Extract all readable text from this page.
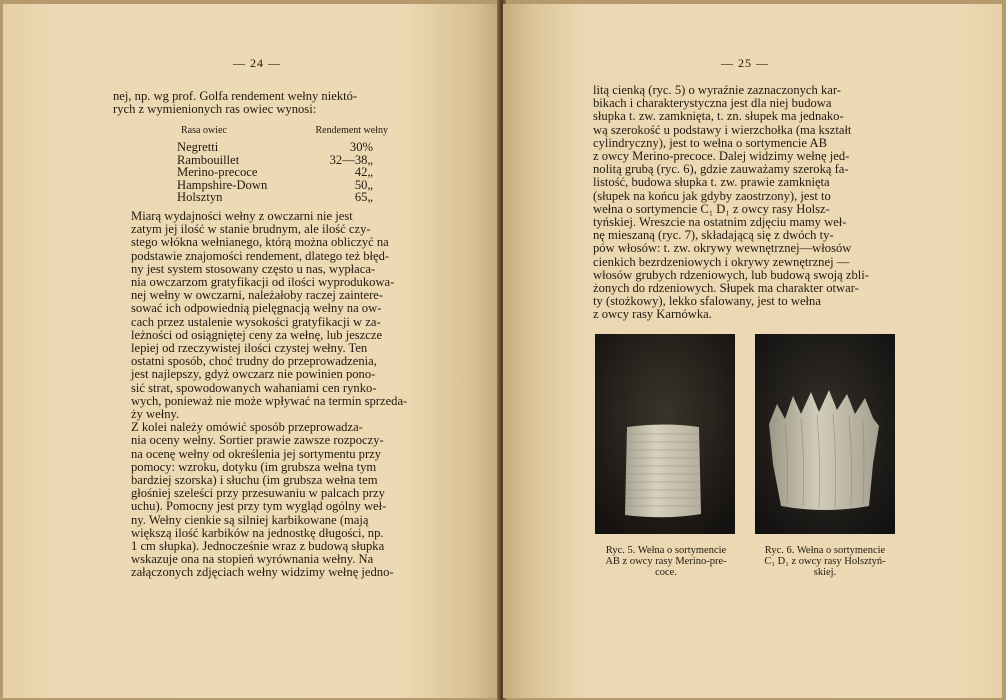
— 24 —

nej, np. wg prof. Golfa rendement wełny niektó-
rych z wymienionych ras owiec wynosi:

Rasa owiec	Rendement wełny
Negretti	30%
Rambouillet	32—38„
Merino-precoce	42„
Hampshire-Down	50„
Holsztyn	65„

Miarą wydajności wełny z owczarni nie jest
zatym jej ilość w stanie brudnym, ale ilość czy-
stego włókna wełnianego, którą można obliczyć na
podstawie znajomości rendement, dlatego też błęd-
ny jest system stosowany często u nas, wypłaca-
nia owczarzom gratyfikacji od ilości wyprodukowa-
nej wełny w owczarni, należałoby raczej zaintere-
sować ich odpowiednią pielęgnacją wełny na ow-
cach przez ustalenie wysokości gratyfikacji w za-
leżności od osiągniętej ceny za wełnę, lub jeszcze
lepiej od rzeczywistej ilości czystej wełny. Ten
ostatni sposób, choć trudny do przeprowadzenia,
jest najlepszy, gdyż owczarz nie powinien pono-
sić strat, spowodowanych wahaniami cen rynko-
wych, ponieważ nie może wpływać na termin sprzeda-
ży wełny.

Z kolei należy omówić sposób przeprowadza-
nia oceny wełny. Sortier prawie zawsze rozpoczy-
na ocenę wełny od określenia jej sortymentu przy
pomocy: wzroku, dotyku (im grubsza wełna tym
bardziej szorska) i słuchu (im grubsza wełna tem
głośniej szeleści przy przesuwaniu w palcach przy
uchu). Pomocny jest przy tym wygląd ogólny weł-
ny. Wełny cienkie są silniej karbikowane (mają
większą ilość karbików na jednostkę długości, np.
1 cm słupka). Jednocześnie wraz z budową słupka
wskazuje ona na stopień wyrównania wełny. Na
załączonych zdjęciach wełny widzimy wełnę jedno-

— 25 —

litą cienką (ryc. 5) o wyraźnie zaznaczonych kar-
bikach i charakterystyczna jest dla niej budowa
słupka t. zw. zamknięta, t. zn. słupek ma jednako-
wą szerokość u podstawy i wierzchołka (ma kształt
cylindryczny), jest to wełna o sortymencie AB
z owcy Merino-precoce. Dalej widzimy wełnę jed-
nolitą grubą (ryc. 6), gdzie zauważamy szeroką fa-
listość, budowa słupka t. zw. prawie zamknięta
(słupek na końcu jak gdyby zaostrzony), jest to
wełna o sortymencie C₁ D₁ z owcy rasy Holsz-
tyńskiej. Wreszcie na ostatnim zdjęciu mamy weł-
nę mieszaną (ryc. 7), składającą się z dwóch ty-
pów włosów: t. zw. okrywy wewnętrznej—włosów
cienkich bezrdzeniowych i okrywy zewnętrznej —
włosów grubych rdzeniowych, lub budową swoją zbli-
żonych do rdzeniowych. Słupek ma charakter otwar-
ty (stożkowy), lekko sfalowany, jest to wełna
z owcy rasy Karnówka.

Ryc. 5. Wełna o sortymencie
AB z owcy rasy Merino-pre-
coce.
Ryc. 6. Wełna o sortymencie
C₁ D₁ z owcy rasy Holsztyń-
skiej.
